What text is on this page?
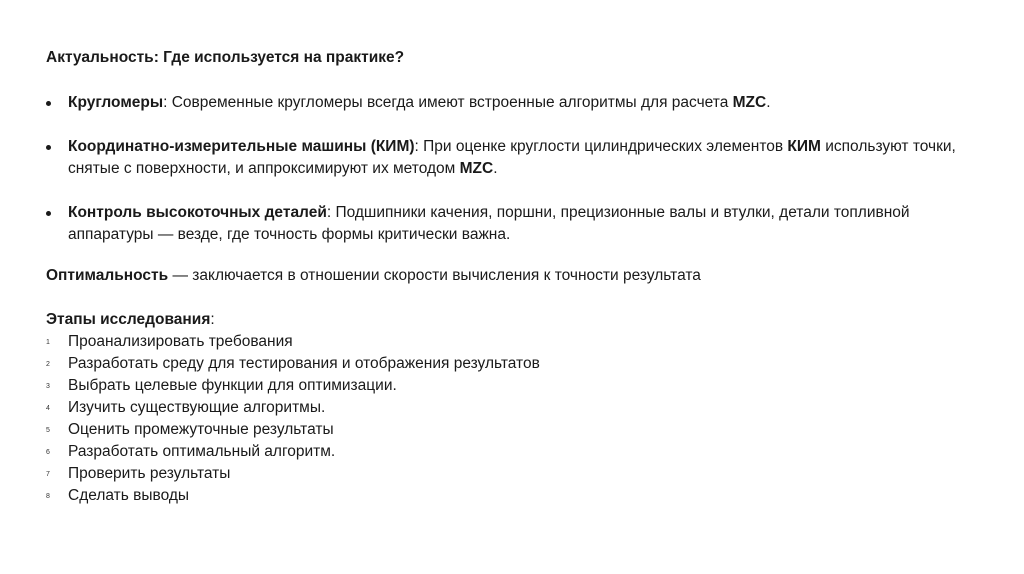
Актуальность: Где используется на практике?
Кругломеры: Современные кругломеры всегда имеют встроенные алгоритмы для расчета MZC.
Координатно-измерительные машины (КИМ): При оценке круглости цилиндрических элементов КИМ используют точки, снятые с поверхности, и аппроксимируют их методом MZC.
Контроль высокоточных деталей: Подшипники качения, поршни, прецизионные валы и втулки, детали топливной аппаратуры — везде, где точность формы критически важна.
Оптимальность — заключается в отношении скорости вычисления к точности результата
Этапы исследования:
1 Проанализировать требования
2 Разработать среду для тестирования и отображения результатов
3 Выбрать целевые функции для оптимизации.
4 Изучить существующие алгоритмы.
5 Оценить промежуточные результаты
6 Разработать оптимальный алгоритм.
7 Проверить результаты
8 Сделать выводы
